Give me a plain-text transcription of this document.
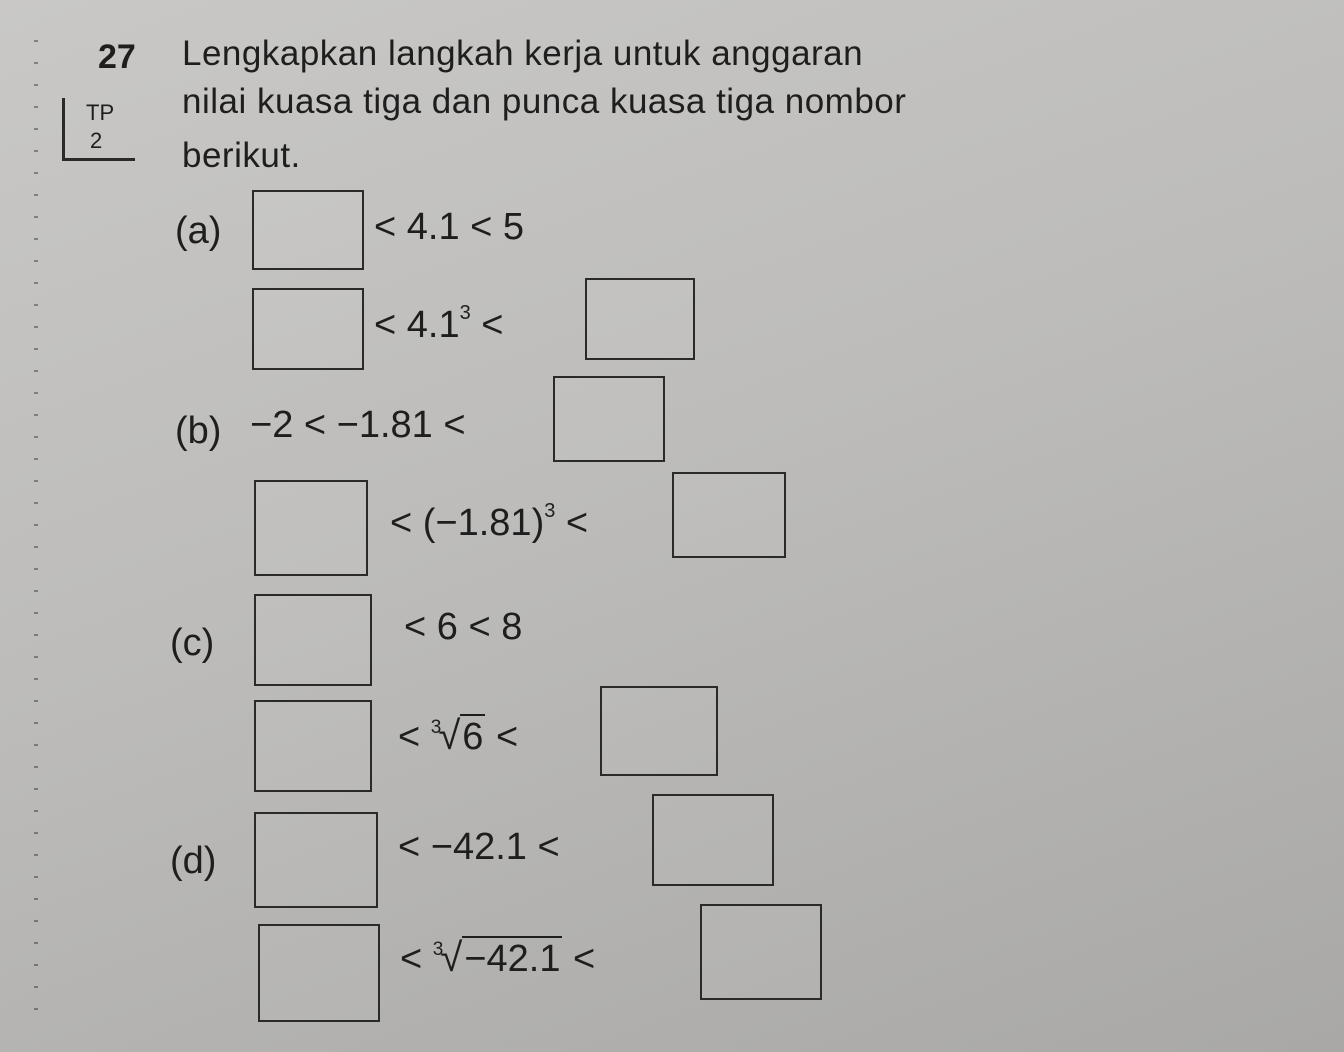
27 Lengkapkan langkah kerja untuk anggaran
nilai kuasa tiga dan punca kuasa tiga nombor
berikut.
TP
2
(a)	< 4.1 < 5
< $4.1^3$ <
(b) −2 < −1.81 <
< $(-1.81)^3$ <
(c)	< 6 < 8
< $^3$√6 <
(d)	< −42.1 <
< $^3$√−42.1 <
